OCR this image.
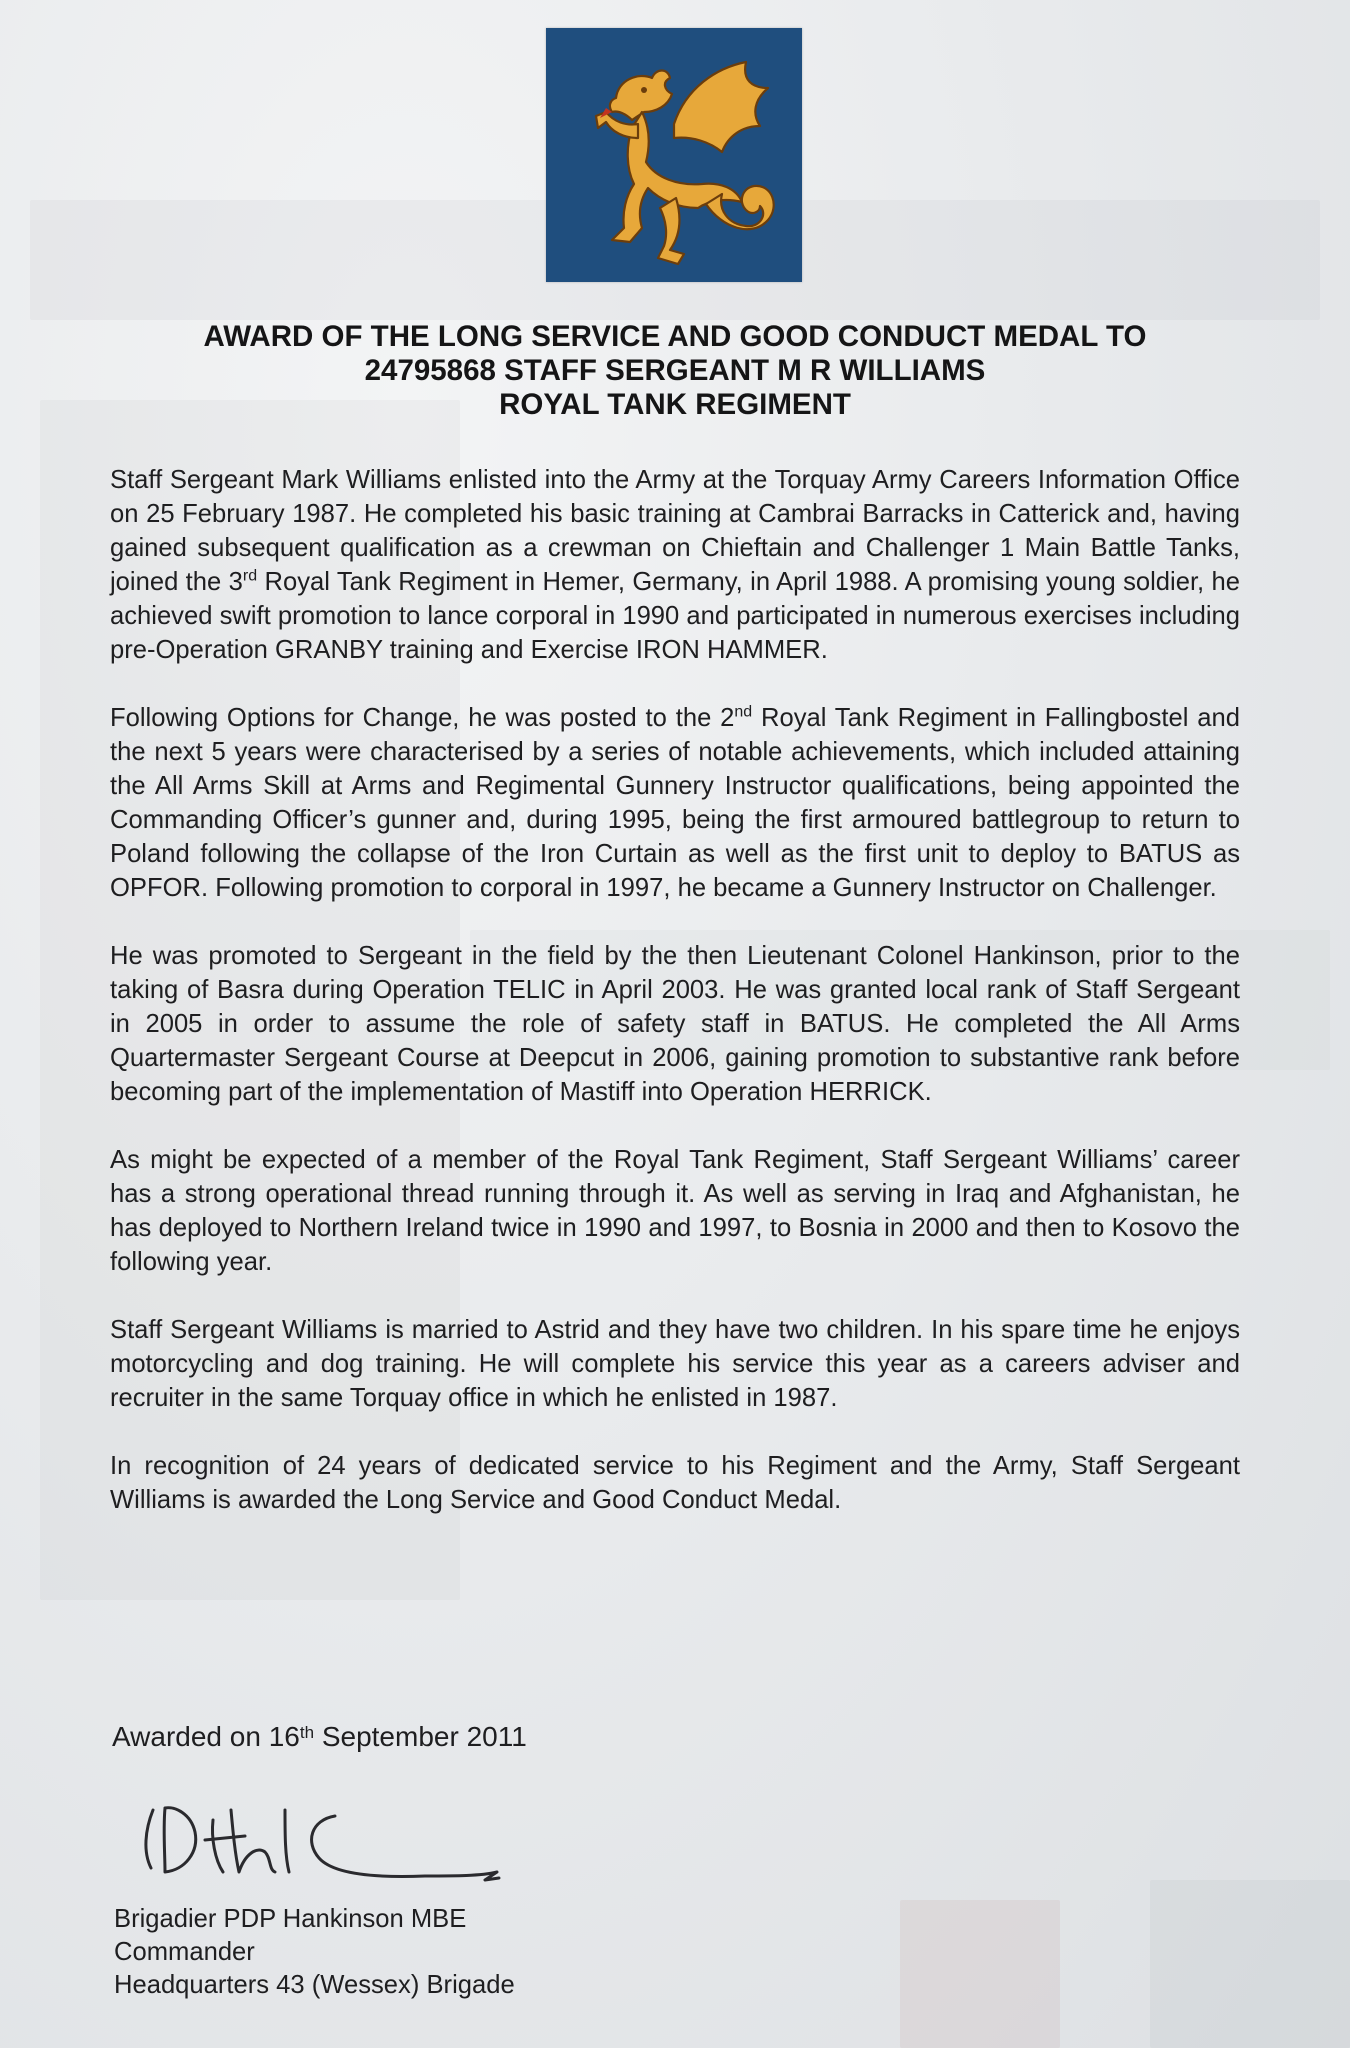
AWARD OF THE LONG SERVICE AND GOOD CONDUCT MEDAL TO
24795868 STAFF SERGEANT M R WILLIAMS
ROYAL TANK REGIMENT

Staff Sergeant Mark Williams enlisted into the Army at the Torquay Army Careers Information Office on 25 February 1987. He completed his basic training at Cambrai Barracks in Catterick and, having gained subsequent qualification as a crewman on Chieftain and Challenger 1 Main Battle Tanks, joined the 3rd Royal Tank Regiment in Hemer, Germany, in April 1988. A promising young soldier, he achieved swift promotion to lance corporal in 1990 and participated in numerous exercises including pre-Operation GRANBY training and Exercise IRON HAMMER.

Following Options for Change, he was posted to the 2nd Royal Tank Regiment in Fallingbostel and the next 5 years were characterised by a series of notable achievements, which included attaining the All Arms Skill at Arms and Regimental Gunnery Instructor qualifications, being appointed the Commanding Officer’s gunner and, during 1995, being the first armoured battlegroup to return to Poland following the collapse of the Iron Curtain as well as the first unit to deploy to BATUS as OPFOR. Following promotion to corporal in 1997, he became a Gunnery Instructor on Challenger.

He was promoted to Sergeant in the field by the then Lieutenant Colonel Hankinson, prior to the taking of Basra during Operation TELIC in April 2003. He was granted local rank of Staff Sergeant in 2005 in order to assume the role of safety staff in BATUS. He completed the All Arms Quartermaster Sergeant Course at Deepcut in 2006, gaining promotion to substantive rank before becoming part of the implementation of Mastiff into Operation HERRICK.

As might be expected of a member of the Royal Tank Regiment, Staff Sergeant Williams’ career has a strong operational thread running through it. As well as serving in Iraq and Afghanistan, he has deployed to Northern Ireland twice in 1990 and 1997, to Bosnia in 2000 and then to Kosovo the following year.

Staff Sergeant Williams is married to Astrid and they have two children. In his spare time he enjoys motorcycling and dog training. He will complete his service this year as a careers adviser and recruiter in the same Torquay office in which he enlisted in 1987.

In recognition of 24 years of dedicated service to his Regiment and the Army, Staff Sergeant Williams is awarded the Long Service and Good Conduct Medal.

Awarded on 16th September 2011
Brigadier PDP Hankinson MBE
Commander
Headquarters 43 (Wessex) Brigade
